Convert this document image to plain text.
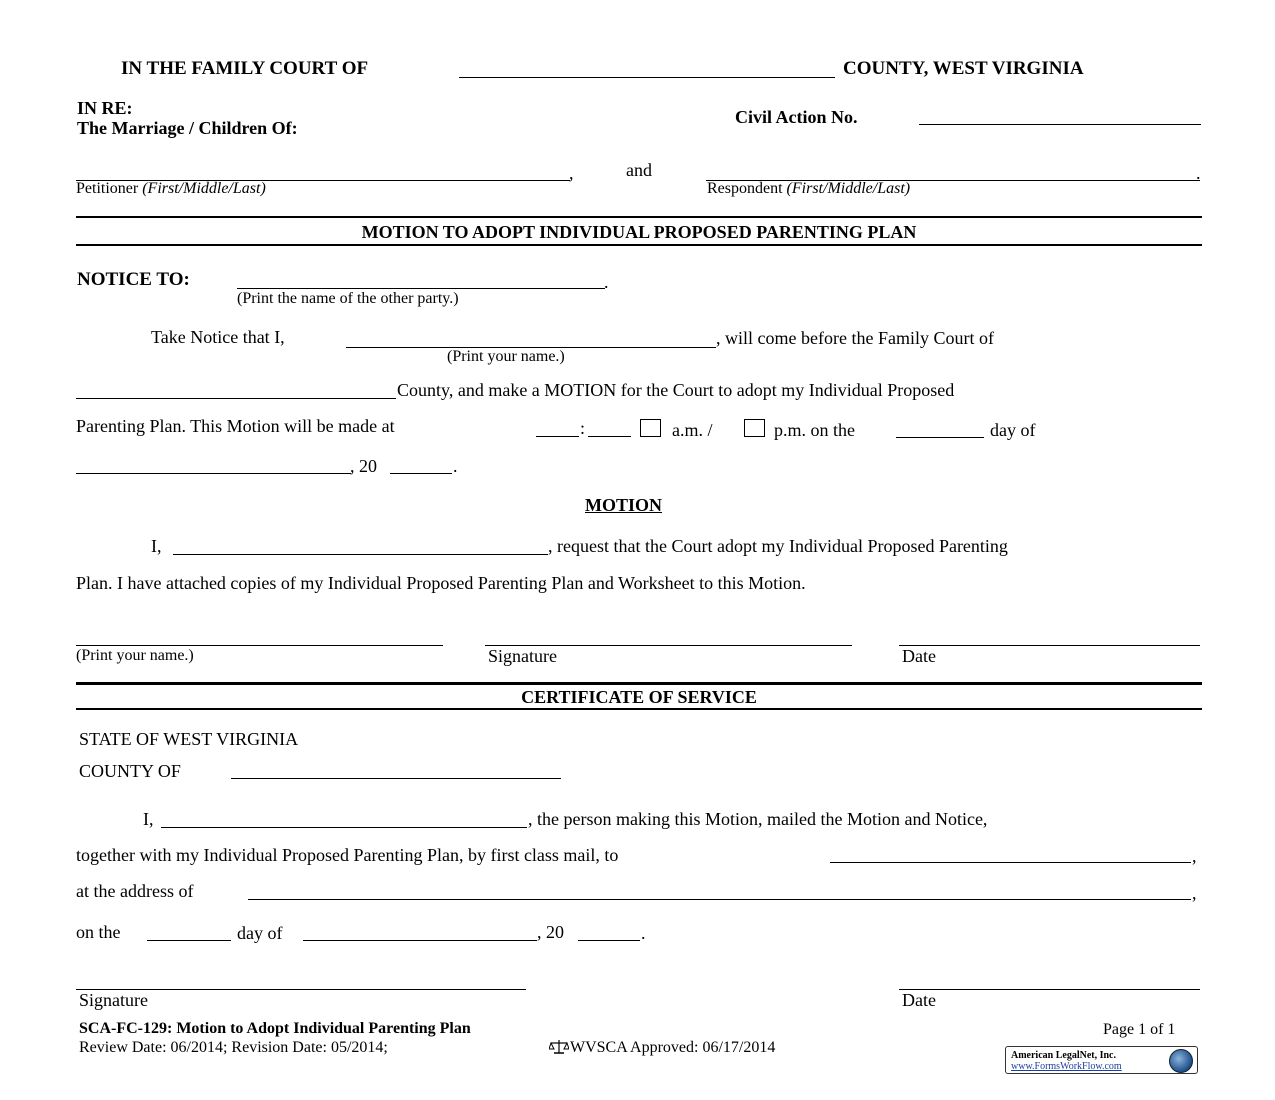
IN THE FAMILY COURT OF	COUNTY, WEST VIRGINIA
IN RE:
The Marriage / Children Of:
Civil Action No.
,	and	.
Petitioner (First/Middle/Last)	Respondent (First/Middle/Last)
MOTION TO ADOPT INDIVIDUAL PROPOSED PARENTING PLAN
NOTICE TO:	.
(Print the name of the other party.)
Take Notice that I,	, will come before the Family Court of
(Print your name.)
County, and make a MOTION for the Court to adopt my Individual Proposed
Parenting Plan. This Motion will be made at	:	a.m. /	p.m. on the	day of
, 20	.
MOTION
I,	, request that the Court adopt my Individual Proposed Parenting
Plan. I have attached copies of my Individual Proposed Parenting Plan and Worksheet to this Motion.
(Print your name.)	Signature	Date
CERTIFICATE OF SERVICE
STATE OF WEST VIRGINIA
COUNTY OF
I,	, the person making this Motion, mailed the Motion and Notice,
together with my Individual Proposed Parenting Plan, by first class mail, to	,
at the address of	,
on the	day of	, 20	.
Signature	Date
SCA-FC-129: Motion to Adopt Individual Parenting Plan	Page 1 of 1
Review Date: 06/2014; Revision Date: 05/2014;	WVSCA Approved: 06/17/2014	American LegalNet, Inc.
www.FormsWorkFlow.com
